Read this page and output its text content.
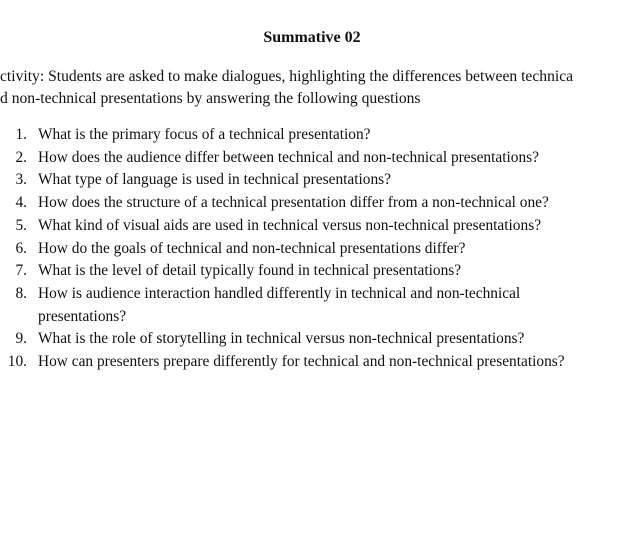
Summative 02
ctivity: Students are asked to make dialogues, highlighting the differences between technica
d non-technical presentations by answering the following questions
1. What is the primary focus of a technical presentation?
2. How does the audience differ between technical and non-technical presentations?
3. What type of language is used in technical presentations?
4. How does the structure of a technical presentation differ from a non-technical one?
5. What kind of visual aids are used in technical versus non-technical presentations?
6. How do the goals of technical and non-technical presentations differ?
7. What is the level of detail typically found in technical presentations?
8. How is audience interaction handled differently in technical and non-technical
presentations?
9. What is the role of storytelling in technical versus non-technical presentations?
10. How can presenters prepare differently for technical and non-technical presentations?
